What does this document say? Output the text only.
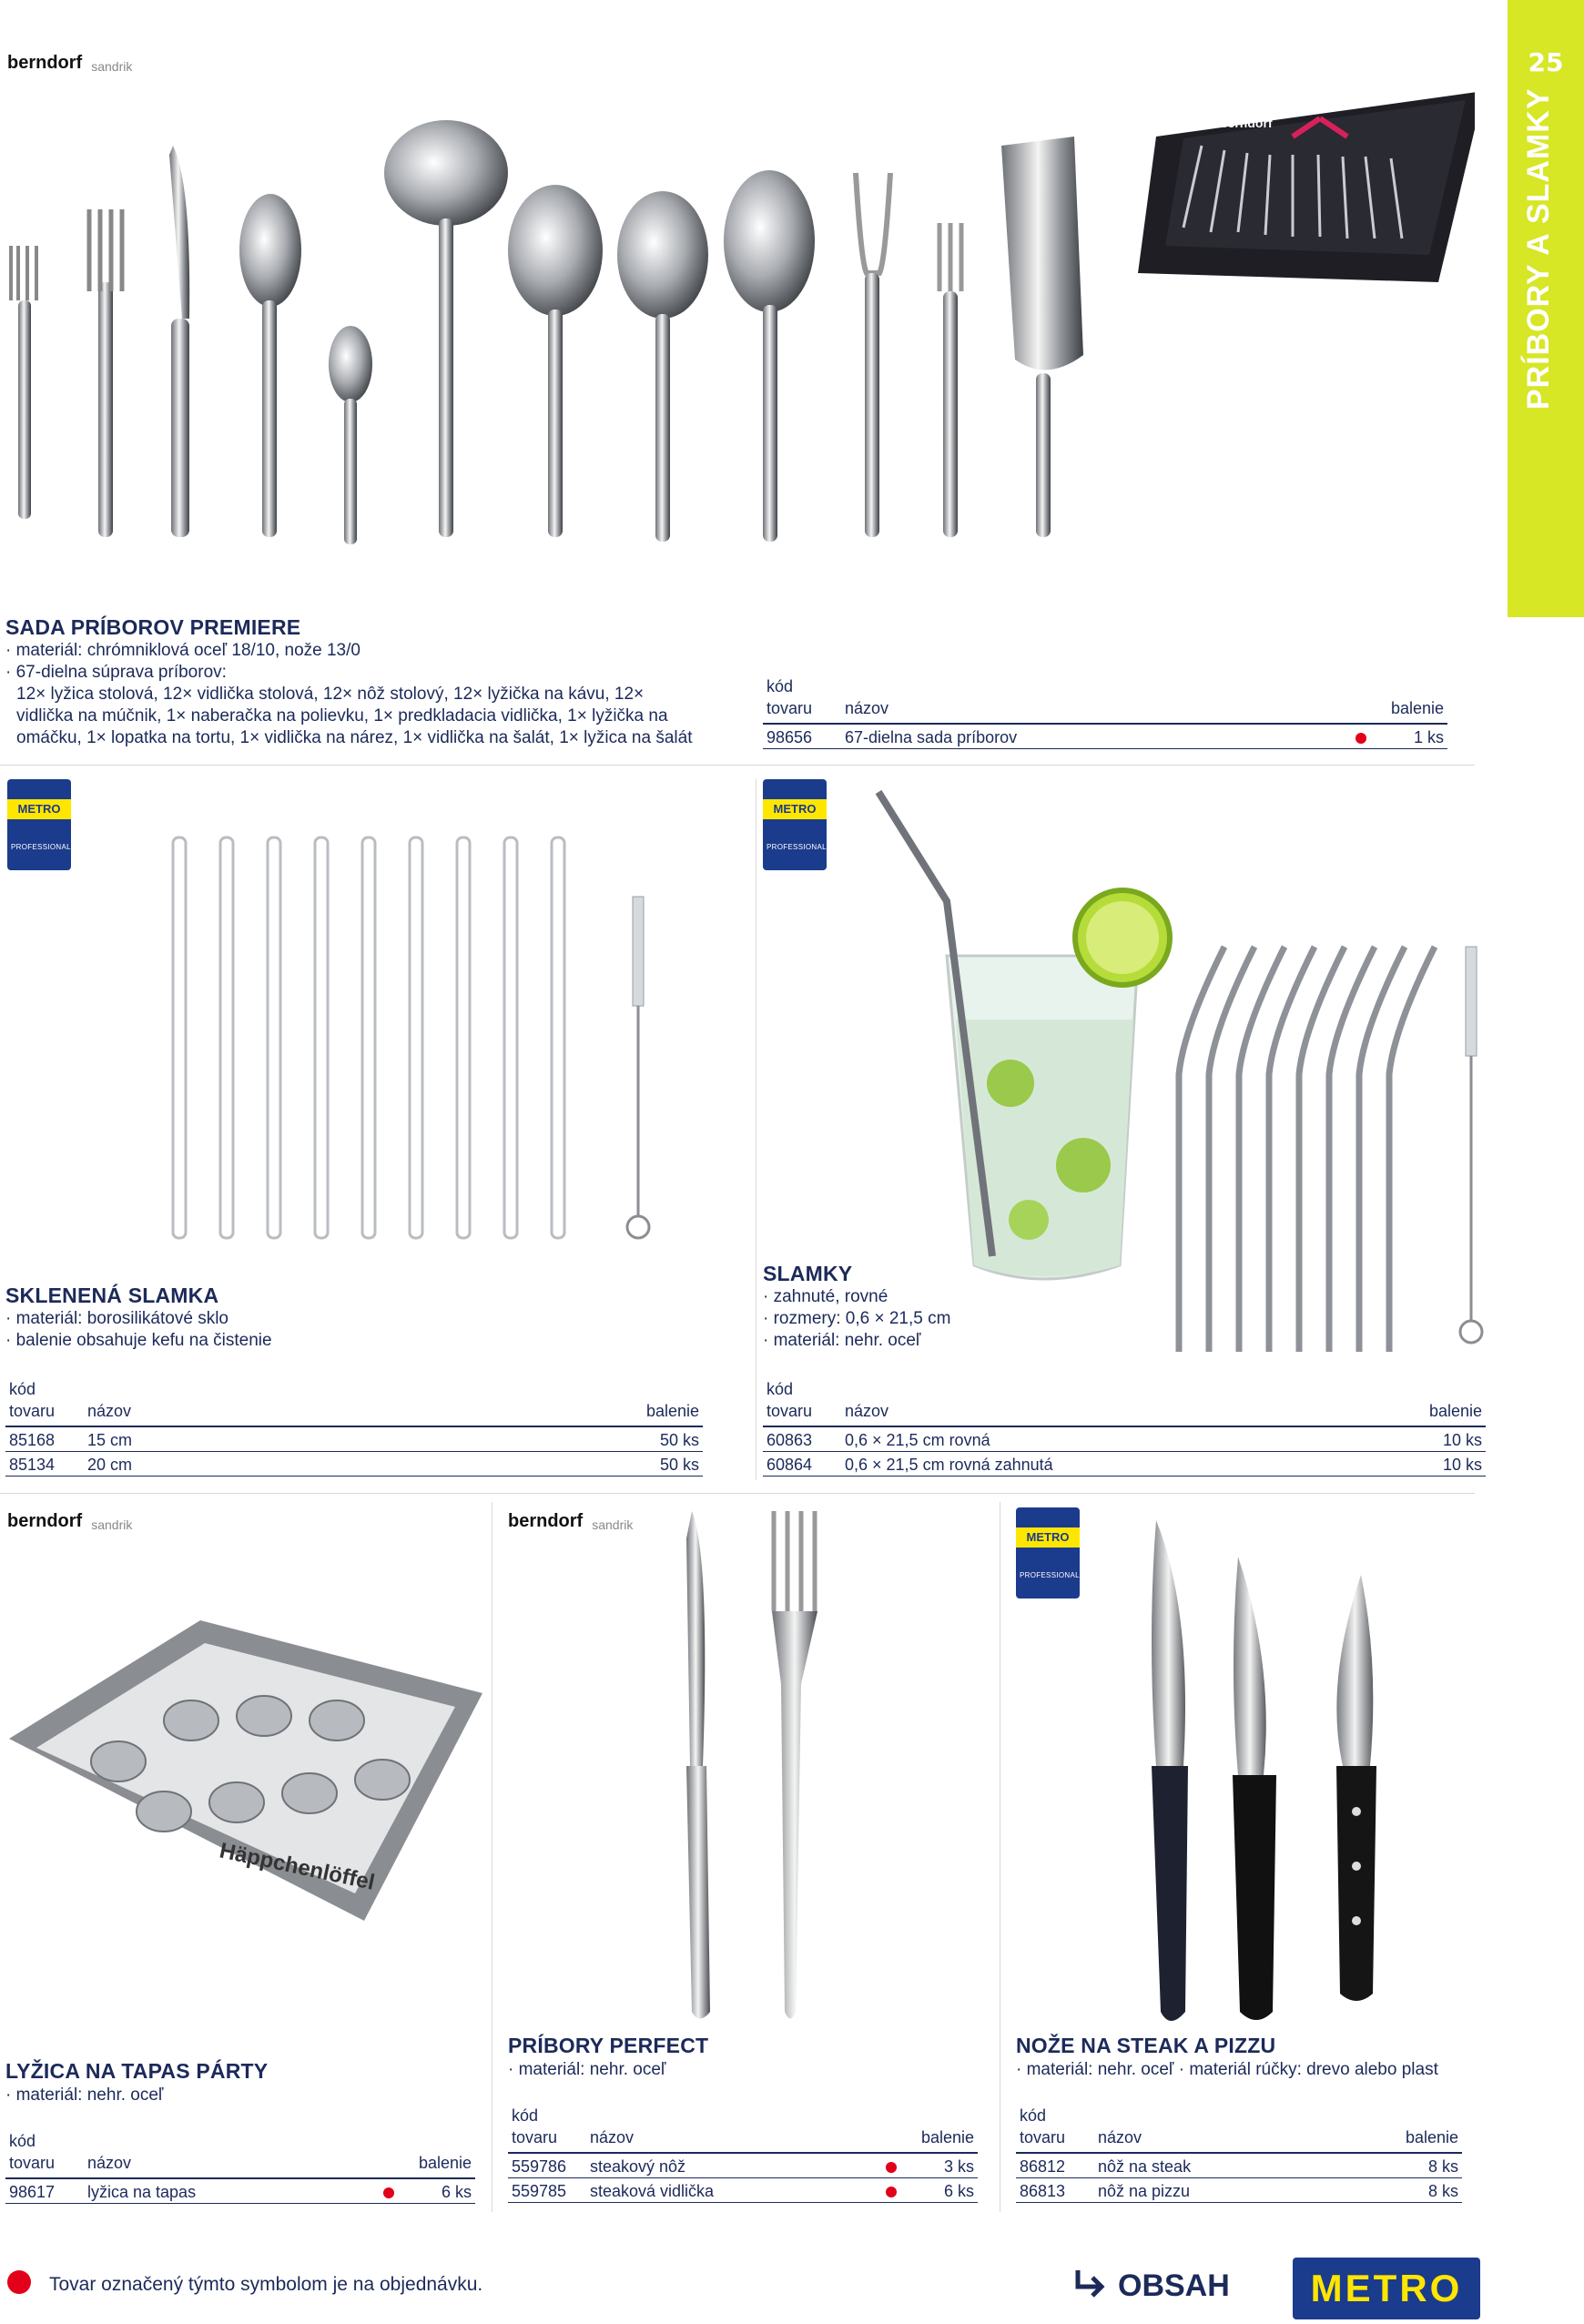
25
PRÍBORY A SLAMKY
berndorf sandrik
berndorf
SADA PRÍBOROV PREMIERE
· materiál: chrómniklová oceľ 18/10, nože 13/0
· 67-dielna súprava príborov:
12× lyžica stolová, 12× vidlička stolová, 12× nôž stolový, 12× lyžička na kávu, 12× vidlička na múčnik, 1× naberačka na polievku, 1× predkladacia vidlička, 1× lyžička na omáčku, 1× lopatka na tortu, 1× vidlička na nárez, 1× vidlička na šalát, 1× lyžica na šalát
kód
tovaru	názov		balenie
98656	67-dielna sada príborov		1 ks
METRO
PROFESSIONAL
SKLENENÁ SLAMKA
· materiál: borosilikátové sklo
· balenie obsahuje kefu na čistenie
kód
tovaru	názov	balenie
85168	15 cm	50 ks
85134	20 cm	50 ks
METRO
PROFESSIONAL
SLAMKY
· zahnuté, rovné
· rozmery: 0,6 × 21,5 cm
· materiál: nehr. oceľ
kód
tovaru	názov	balenie
60863	0,6 × 21,5 cm rovná	10 ks
60864	0,6 × 21,5 cm rovná zahnutá	10 ks
berndorf sandrik
Häppchenlöffel
LYŽICA NA TAPAS PÁRTY
· materiál: nehr. oceľ
kód
tovaru	názov		balenie
98617	lyžica na tapas		6 ks
berndorf sandrik
PRÍBORY PERFECT
· materiál: nehr. oceľ
kód
tovaru	názov		balenie
559786	steakový nôž		3 ks
559785	steaková vidlička		6 ks
METRO
PROFESSIONAL
NOŽE NA STEAK A PIZZU
· materiál: nehr. oceľ · materiál rúčky: drevo alebo plast
kód
tovaru	názov	balenie
86812	nôž na steak	8 ks
86813	nôž na pizzu	8 ks
Tovar označený týmto symbolom je na objednávku.	OBSAH METRO
